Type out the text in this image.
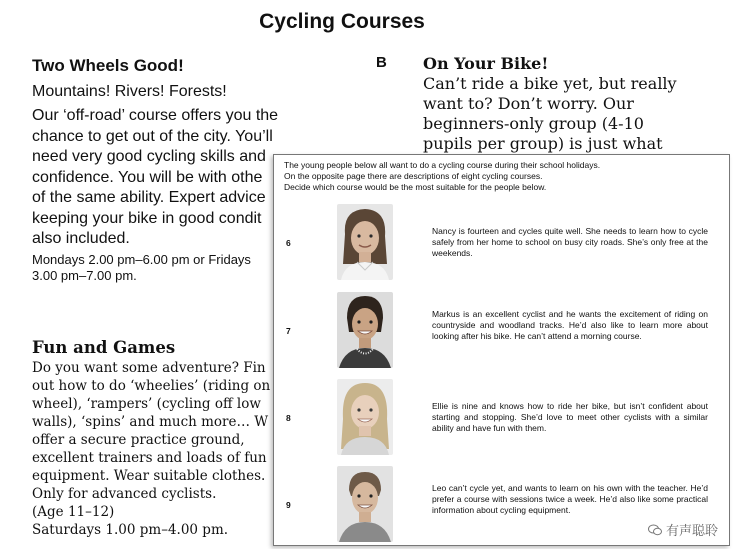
Cycling Courses
Two Wheels Good!

Mountains! Rivers! Forests!

Our ‘off-road’ course offers you the
chance to get out of the city. You’ll
need very good cycling skills and
confidence. You will be with othe
of the same ability. Expert advice
keeping your bike in good condit
also included.

Mondays 2.00 pm–6.00 pm or Fridays
3.00 pm–7.00 pm.

B On Your Bike!

Can’t ride a bike yet, but really
want to? Don’t worry. Our
beginners-only group (4-10
pupils per group) is just what

Fun and Games

Do you want some adventure? Fin
out how to do ‘wheelies’ (riding on
wheel), ‘rampers’ (cycling off low
walls), ‘spins’ and much more… W
offer a secure practice ground,
excellent trainers and loads of fun
equipment. Wear suitable clothes.
Only for advanced cyclists.
(Age 11–12)
Saturdays 1.00 pm–4.00 pm.

The young people below all want to do a cycling course during their school holidays.
On the opposite page there are descriptions of eight cycling courses.
Decide which course would be the most suitable for the people below.
6
Nancy is fourteen and cycles quite well. She needs to learn how to cycle safely from her home to school on busy city roads. She’s only free at the weekends.
7
Markus is an excellent cyclist and he wants the excitement of riding on countryside and woodland tracks. He’d also like to learn more about looking after his bike. He can’t attend a morning course.
8
Ellie is nine and knows how to ride her bike, but isn’t confident about starting and stopping. She’d love to meet other cyclists with a similar ability and have fun with them.
9
Leo can’t cycle yet, and wants to learn on his own with the teacher. He’d prefer a course with sessions twice a week. He’d also like some practical information about cycling equipment.
有声聪聆
